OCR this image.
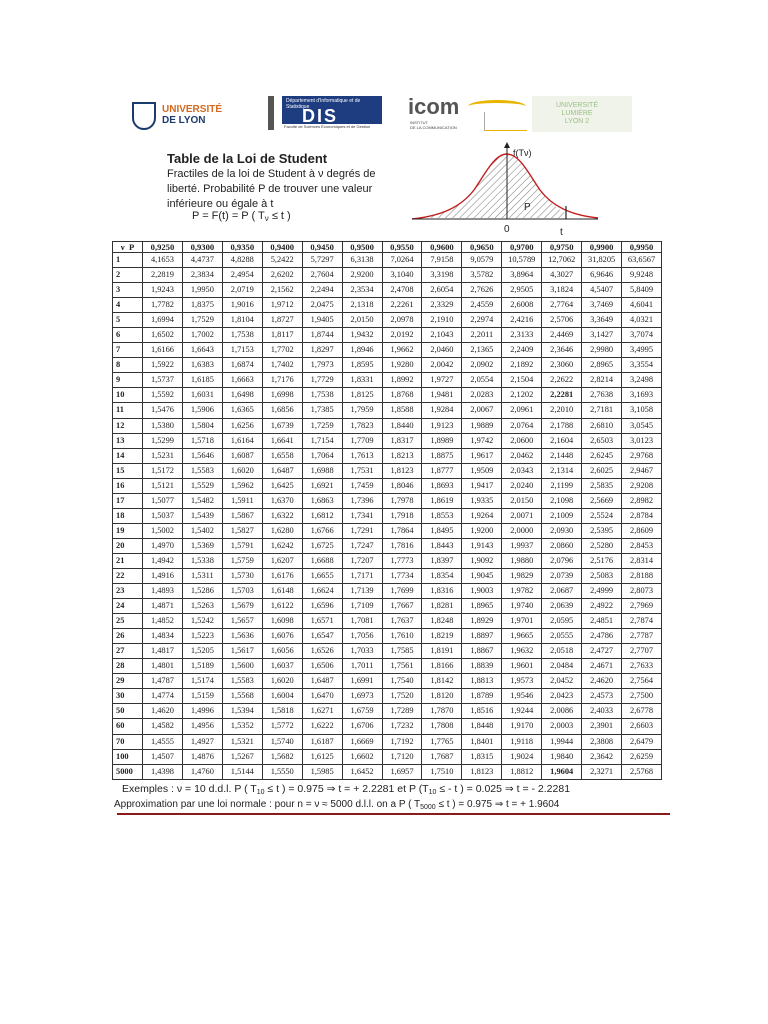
UNIVERSITÉ
DE LYON
Département d'Informatique et de Statistique
DIS
Faculté de Sciences Économiques et de Gestion
icom
INSTITUT
DE LA COMMUNICATION
UNIVERSITÉ
LUMIÈRE
LYON 2
Table de la Loi de Student
Fractiles de la loi de Student à ν degrés de liberté. Probabilité P de trouver une valeur inférieure ou égale à t
P = F(t) = P ( $T_\nu \le t$ )
f(Tν)
P
0	t
ν P	0,9250	0,9300	0,9350	0,9400	0,9450	0,9500	0,9550	0,9600	0,9650	0,9700	0,9750	0,9900	0,9950
1	4,1653	4,4737	4,8288	5,2422	5,7297	6,3138	7,0264	7,9158	9,0579	10,5789	12,7062	31,8205	63,6567
2	2,2819	2,3834	2,4954	2,6202	2,7604	2,9200	3,1040	3,3198	3,5782	3,8964	4,3027	6,9646	9,9248
3	1,9243	1,9950	2,0719	2,1562	2,2494	2,3534	2,4708	2,6054	2,7626	2,9505	3,1824	4,5407	5,8409
4	1,7782	1,8375	1,9016	1,9712	2,0475	2,1318	2,2261	2,3329	2,4559	2,6008	2,7764	3,7469	4,6041
5	1,6994	1,7529	1,8104	1,8727	1,9405	2,0150	2,0978	2,1910	2,2974	2,4216	2,5706	3,3649	4,0321
6	1,6502	1,7002	1,7538	1,8117	1,8744	1,9432	2,0192	2,1043	2,2011	2,3133	2,4469	3,1427	3,7074
7	1,6166	1,6643	1,7153	1,7702	1,8297	1,8946	1,9662	2,0460	2,1365	2,2409	2,3646	2,9980	3,4995
8	1,5922	1,6383	1,6874	1,7402	1,7973	1,8595	1,9280	2,0042	2,0902	2,1892	2,3060	2,8965	3,3554
9	1,5737	1,6185	1,6663	1,7176	1,7729	1,8331	1,8992	1,9727	2,0554	2,1504	2,2622	2,8214	3,2498
10	1,5592	1,6031	1,6498	1,6998	1,7538	1,8125	1,8768	1,9481	2,0283	2,1202	2,2281	2,7638	3,1693
11	1,5476	1,5906	1,6365	1,6856	1,7385	1,7959	1,8588	1,9284	2,0067	2,0961	2,2010	2,7181	3,1058
12	1,5380	1,5804	1,6256	1,6739	1,7259	1,7823	1,8440	1,9123	1,9889	2,0764	2,1788	2,6810	3,0545
13	1,5299	1,5718	1,6164	1,6641	1,7154	1,7709	1,8317	1,8989	1,9742	2,0600	2,1604	2,6503	3,0123
14	1,5231	1,5646	1,6087	1,6558	1,7064	1,7613	1,8213	1,8875	1,9617	2,0462	2,1448	2,6245	2,9768
15	1,5172	1,5583	1,6020	1,6487	1,6988	1,7531	1,8123	1,8777	1,9509	2,0343	2,1314	2,6025	2,9467
16	1,5121	1,5529	1,5962	1,6425	1,6921	1,7459	1,8046	1,8693	1,9417	2,0240	2,1199	2,5835	2,9208
17	1,5077	1,5482	1,5911	1,6370	1,6863	1,7396	1,7978	1,8619	1,9335	2,0150	2,1098	2,5669	2,8982
18	1,5037	1,5439	1,5867	1,6322	1,6812	1,7341	1,7918	1,8553	1,9264	2,0071	2,1009	2,5524	2,8784
19	1,5002	1,5402	1,5827	1,6280	1,6766	1,7291	1,7864	1,8495	1,9200	2,0000	2,0930	2,5395	2,8609
20	1,4970	1,5369	1,5791	1,6242	1,6725	1,7247	1,7816	1,8443	1,9143	1,9937	2,0860	2,5280	2,8453
21	1,4942	1,5338	1,5759	1,6207	1,6688	1,7207	1,7773	1,8397	1,9092	1,9880	2,0796	2,5176	2,8314
22	1,4916	1,5311	1,5730	1,6176	1,6655	1,7171	1,7734	1,8354	1,9045	1,9829	2,0739	2,5083	2,8188
23	1,4893	1,5286	1,5703	1,6148	1,6624	1,7139	1,7699	1,8316	1,9003	1,9782	2,0687	2,4999	2,8073
24	1,4871	1,5263	1,5679	1,6122	1,6596	1,7109	1,7667	1,8281	1,8965	1,9740	2,0639	2,4922	2,7969
25	1,4852	1,5242	1,5657	1,6098	1,6571	1,7081	1,7637	1,8248	1,8929	1,9701	2,0595	2,4851	2,7874
26	1,4834	1,5223	1,5636	1,6076	1,6547	1,7056	1,7610	1,8219	1,8897	1,9665	2,0555	2,4786	2,7787
27	1,4817	1,5205	1,5617	1,6056	1,6526	1,7033	1,7585	1,8191	1,8867	1,9632	2,0518	2,4727	2,7707
28	1,4801	1,5189	1,5600	1,6037	1,6506	1,7011	1,7561	1,8166	1,8839	1,9601	2,0484	2,4671	2,7633
29	1,4787	1,5174	1,5583	1,6020	1,6487	1,6991	1,7540	1,8142	1,8813	1,9573	2,0452	2,4620	2,7564
30	1,4774	1,5159	1,5568	1,6004	1,6470	1,6973	1,7520	1,8120	1,8789	1,9546	2,0423	2,4573	2,7500
50	1,4620	1,4996	1,5394	1,5818	1,6271	1,6759	1,7289	1,7870	1,8516	1,9244	2,0086	2,4033	2,6778
60	1,4582	1,4956	1,5352	1,5772	1,6222	1,6706	1,7232	1,7808	1,8448	1,9170	2,0003	2,3901	2,6603
70	1,4555	1,4927	1,5321	1,5740	1,6187	1,6669	1,7192	1,7765	1,8401	1,9118	1,9944	2,3808	2,6479
100	1,4507	1,4876	1,5267	1,5682	1,6125	1,6602	1,7120	1,7687	1,8315	1,9024	1,9840	2,3642	2,6259
5000	1,4398	1,4760	1,5144	1,5550	1,5985	1,6452	1,6957	1,7510	1,8123	1,8812	1,9604	2,3271	2,5768
Exemples : ν = 10 d.d.l. P ( T10 ≤ t ) = 0.975 ⇒ t = + 2.2281 et P (T10 ≤ - t ) = 0.025 ⇒ t = - 2.2281
Approximation par une loi normale : pour n = ν ≈ 5000 d.l.l. on a P ( $T_{5000} \le t$ ) = 0.975 ⇒ t = + 1.9604
